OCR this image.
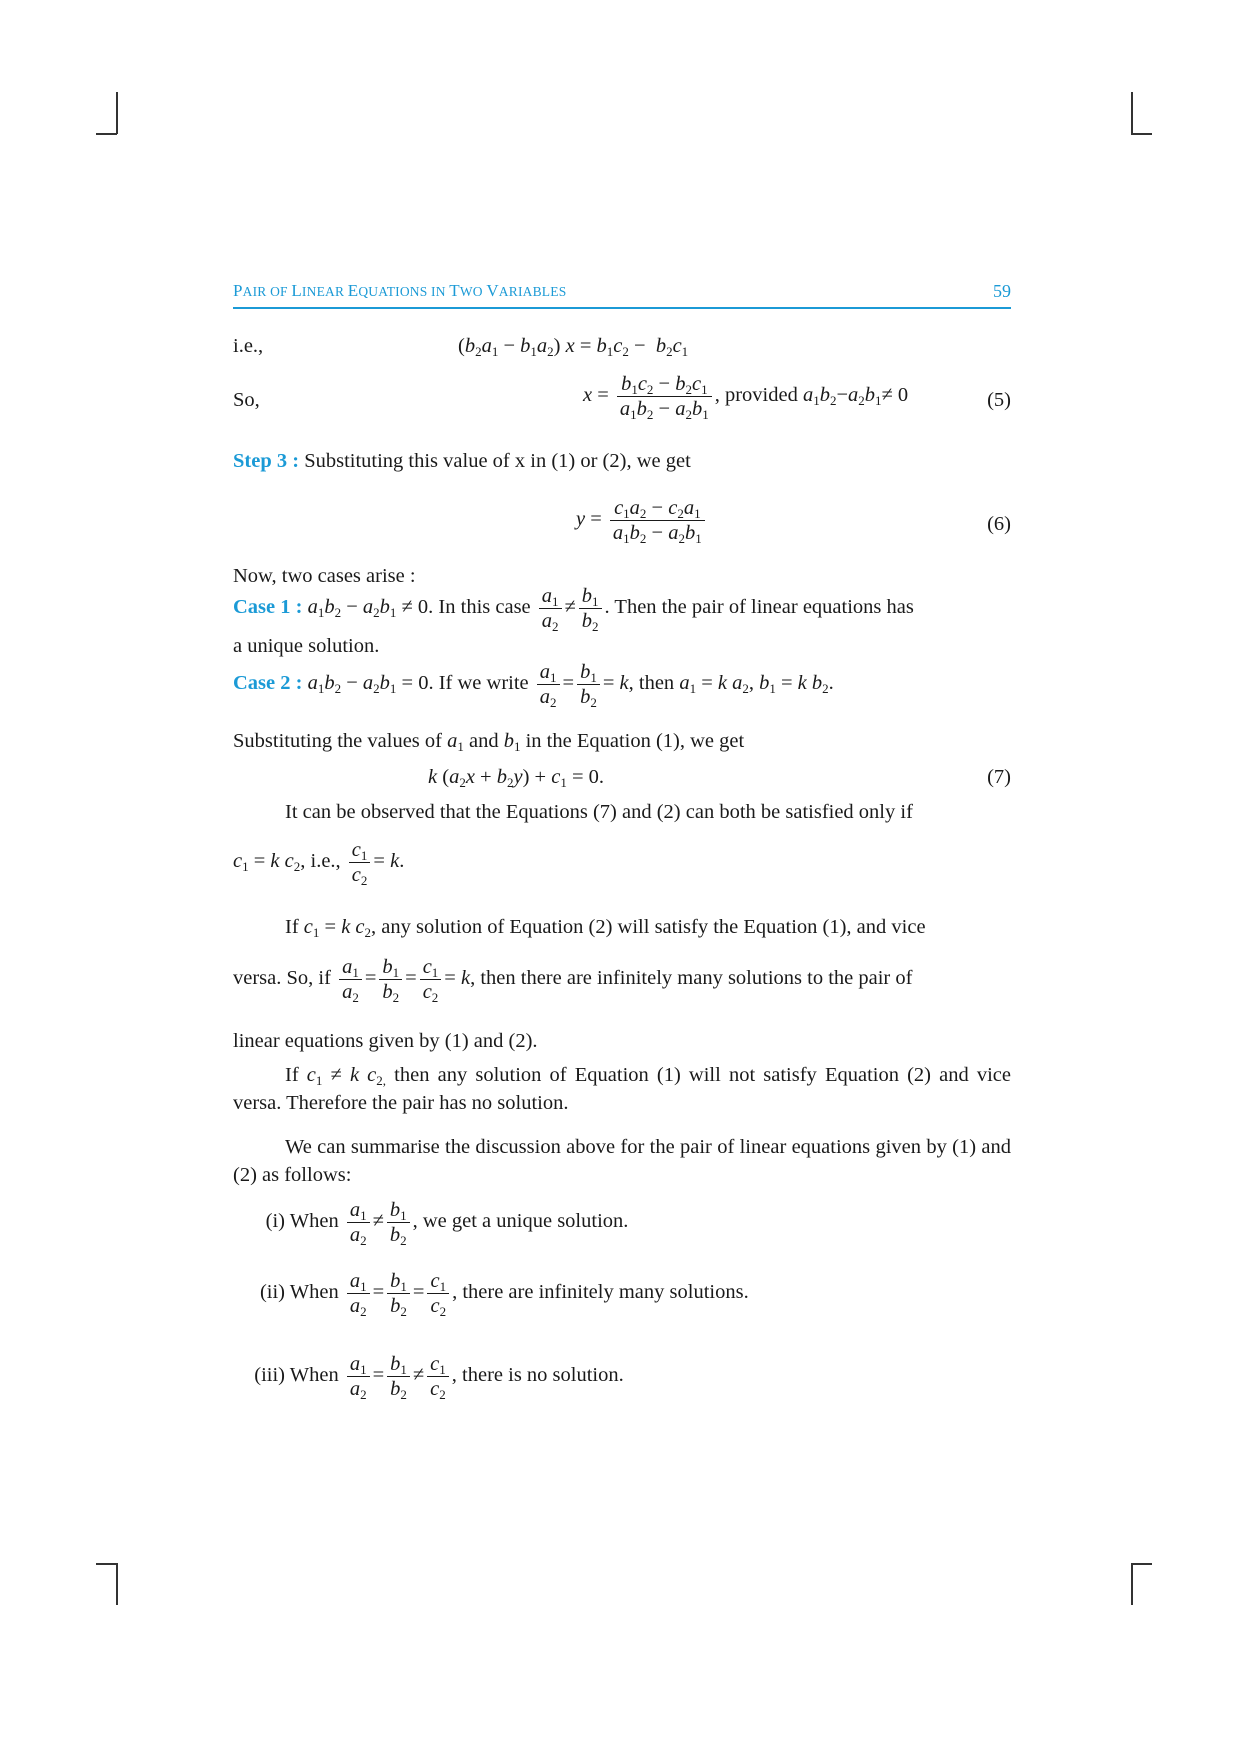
PAIR OF LINEAR EQUATIONS IN TWO VARIABLES	59
i.e.,	$(b_2a_1 - b_1a_2) x = b_1c_2 - b_2c_1$
So,	$x = \frac{b_1c_2 - b_2c_1}{a_1b_2 - a_2b_1}$ , provided $a_1b_2-a_2b_1\ne 0$	(5)
Step 3 : Substituting this value of x in (1) or (2), we get
$y = \frac{c_1a_2 - c_2a_1}{a_1b_2 - a_2b_1}$	(6)
Now, two cases arise :
Case 1 : $a_1b_2 - a_2b_1 \ne 0$. In this case $\frac{a_1}{a_2} \ne \frac{b_1}{b_2}$ . Then the pair of linear equations has
a unique solution.
Case 2 : $a_1b_2 - a_2b_1 = 0$. If we write $\frac{a_1}{a_2} = \frac{b_1}{b_2} = k$, then $a_1 = k$ $a_2$, $b_1 = k$ $b_2$.
Substituting the values of $a_1$ and $b_1$ in the Equation (1), we get
k $(a_2x + b_2y) + c_1 = 0$.	(7)
It can be observed that the Equations (7) and (2) can both be satisfied only if
$c_1 = k$ $c_2$, i.e., $\frac{c_1}{c_2} = k$.
If $c_1 = k$ $c_2$, any solution of Equation (2) will satisfy the Equation (1), and vice
versa. So, if $\frac{a_1}{a_2} = \frac{b_1}{b_2} = \frac{c_1}{c_2} = k$, then there are infinitely many solutions to the pair of
linear equations given by (1) and (2).
If $c_1 \ne k$ $c_{2,}$ then any solution of Equation (1) will not satisfy Equation (2) and vice versa. Therefore the pair has no solution.
We can summarise the discussion above for the pair of linear equations given by (1) and (2) as follows:
(i) When $\frac{a_1}{a_2} \ne \frac{b_1}{b_2}$ , we get a unique solution.
(ii) When $\frac{a_1}{a_2} = \frac{b_1}{b_2} = \frac{c_1}{c_2}$ , there are infinitely many solutions.
(iii) When $\frac{a_1}{a_2} = \frac{b_1}{b_2} \ne \frac{c_1}{c_2}$ , there is no solution.
